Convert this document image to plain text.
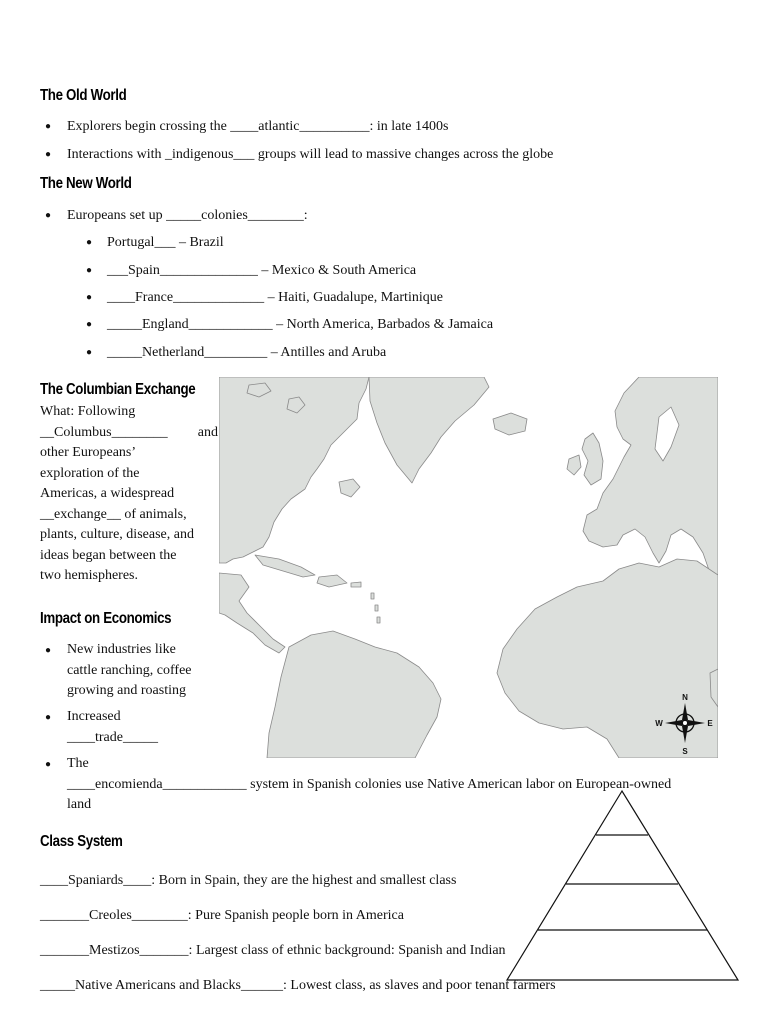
The Old World
● Explorers begin crossing the ____atlantic__________: in late 1400s
● Interactions with _indigenous___ groups will lead to massive changes across the globe
The New World
● Europeans set up _____colonies________:
● Portugal___ – Brazil
● ___Spain______________ – Mexico & South America
● ____France_____________ – Haiti, Guadalupe, Martinique
● _____England____________ – North America, Barbados & Jamaica
● _____Netherland_________ – Antilles and Aruba
The Columbian Exchange
What: Following
__Columbus________ and
other Europeans’
exploration of the
Americas, a widespread
__exchange__ of animals,
plants, culture, disease, and
ideas began between the
two hemispheres.
Impact on Economics
● New industries like
cattle ranching, coffee
growing and roasting
● Increased
____trade_____
● The
____encomienda____________ system in Spanish colonies use Native American labor on European-owned
land
N
S
W	E
Class System
____Spaniards____: Born in Spain, they are the highest and smallest class
_______Creoles________: Pure Spanish people born in America
_______Mestizos_______: Largest class of ethnic background: Spanish and Indian
_____Native Americans and Blacks______: Lowest class, as slaves and poor tenant farmers
